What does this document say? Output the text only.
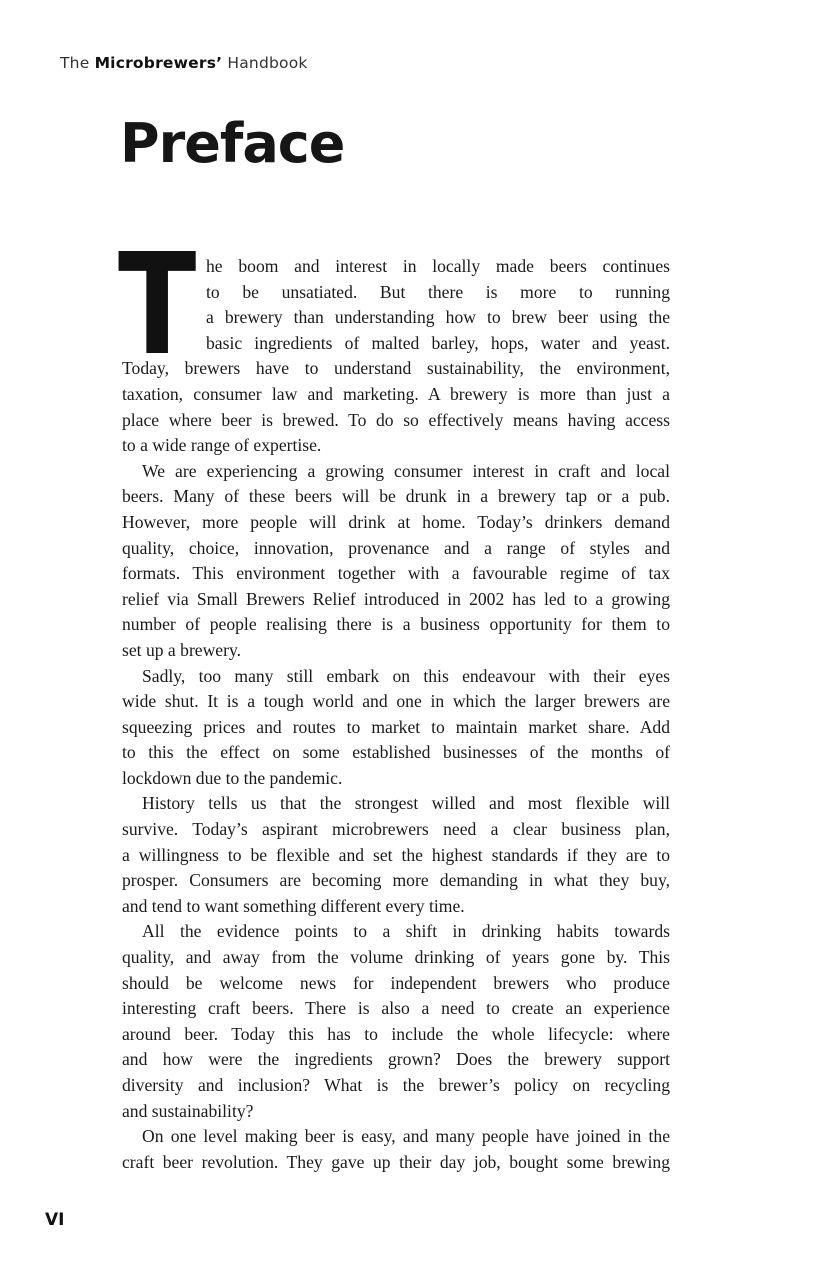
The Microbrewers’ Handbook
Preface
T he boom and interest in locally made beers continues
to be unsatiated. But there is more to running
a brewery than understanding how to brew beer using the
basic ingredients of malted barley, hops, water and yeast.
Today, brewers have to understand sustainability, the environment,
taxation, consumer law and marketing. A brewery is more than just a
place where beer is brewed. To do so effectively means having access
to a wide range of expertise.
We are experiencing a growing consumer interest in craft and local
beers. Many of these beers will be drunk in a brewery tap or a pub.
However, more people will drink at home. Today’s drinkers demand
quality, choice, innovation, provenance and a range of styles and
formats. This environment together with a favourable regime of tax
relief via Small Brewers Relief introduced in 2002 has led to a growing
number of people realising there is a business opportunity for them to
set up a brewery.
Sadly, too many still embark on this endeavour with their eyes
wide shut. It is a tough world and one in which the larger brewers are
squeezing prices and routes to market to maintain market share. Add
to this the effect on some established businesses of the months of
lockdown due to the pandemic.
History tells us that the strongest willed and most flexible will
survive. Today’s aspirant microbrewers need a clear business plan,
a willingness to be flexible and set the highest standards if they are to
prosper. Consumers are becoming more demanding in what they buy,
and tend to want something different every time.
All the evidence points to a shift in drinking habits towards
quality, and away from the volume drinking of years gone by. This
should be welcome news for independent brewers who produce
interesting craft beers. There is also a need to create an experience
around beer. Today this has to include the whole lifecycle: where
and how were the ingredients grown? Does the brewery support
diversity and inclusion? What is the brewer’s policy on recycling
and sustainability?
On one level making beer is easy, and many people have joined in the
craft beer revolution. They gave up their day job, bought some brewing
VI
